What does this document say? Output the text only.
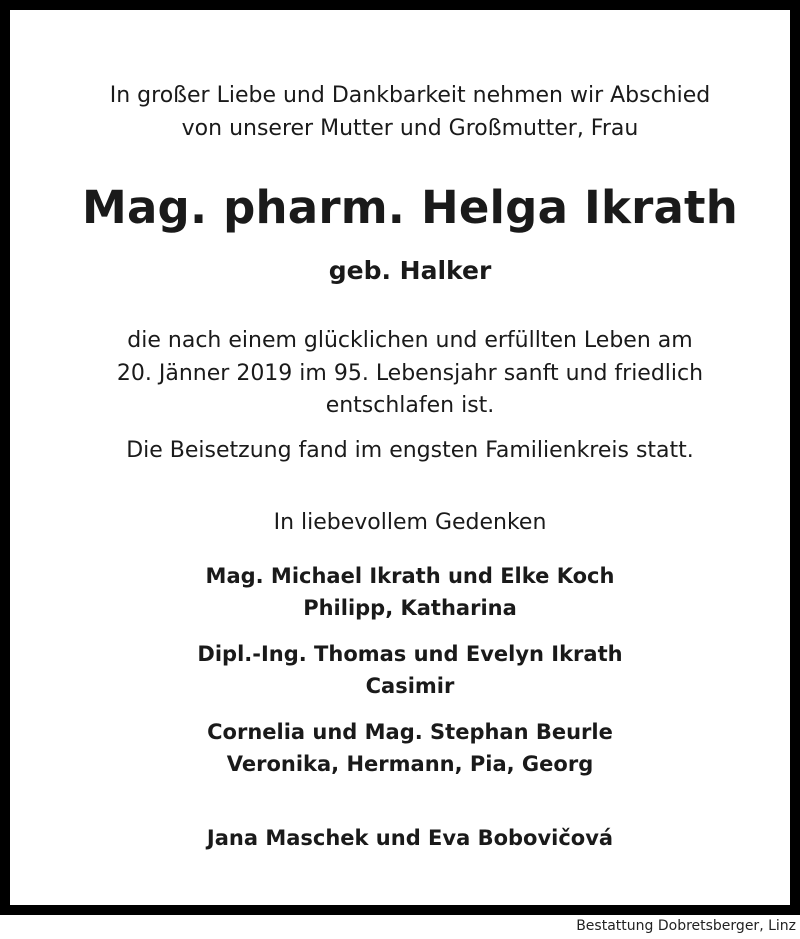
In großer Liebe und Dankbarkeit nehmen wir Abschied
von unserer Mutter und Großmutter, Frau
Mag. pharm. Helga Ikrath
geb. Halker
die nach einem glücklichen und erfüllten Leben am
20. Jänner 2019 im 95. Lebensjahr sanft und friedlich
entschlafen ist.
Die Beisetzung fand im engsten Familienkreis statt.
In liebevollem Gedenken
Mag. Michael Ikrath und Elke Koch
Philipp, Katharina
Dipl.-Ing. Thomas und Evelyn Ikrath
Casimir
Cornelia und Mag. Stephan Beurle
Veronika, Hermann, Pia, Georg
Jana Maschek und Eva Bobovičová
Bestattung Dobretsberger, Linz
